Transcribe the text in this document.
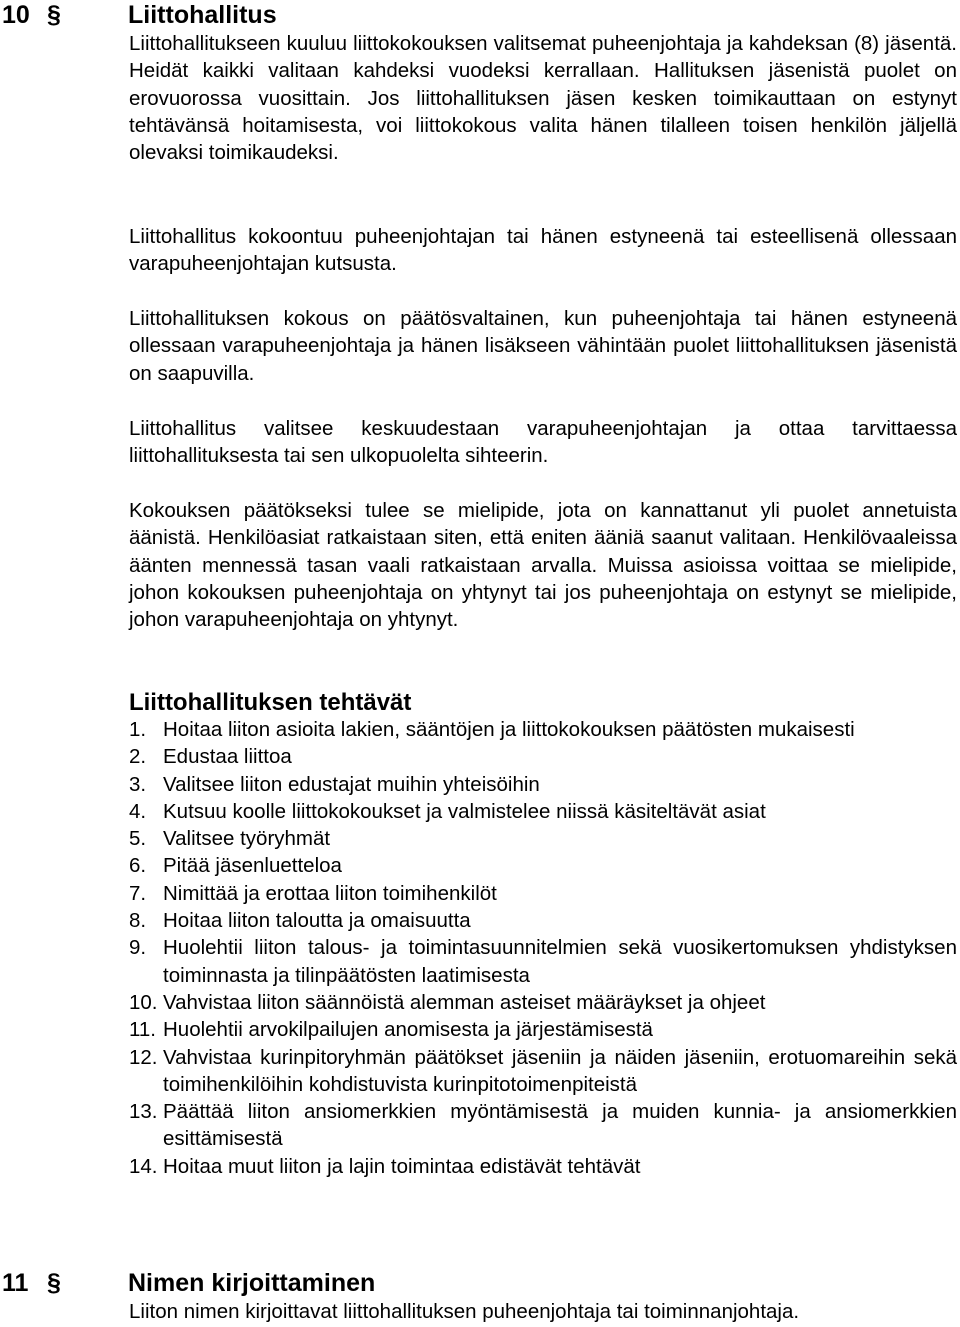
10 §	Liittohallitus

Liittohallitukseen kuuluu liittokokouksen valitsemat puheenjohtaja ja kahdeksan (8) jäsentä. Heidät kaikki valitaan kahdeksi vuodeksi kerrallaan. Hallituksen jäsenistä puolet on erovuorossa vuosittain. Jos liittohallituksen jäsen kesken toimikauttaan on estynyt tehtävänsä hoitamisesta, voi liittokokous valita hänen tilalleen toisen henkilön jäljellä olevaksi toimikaudeksi.

Liittohallitus kokoontuu puheenjohtajan tai hänen estyneenä tai esteellisenä ollessaan varapuheenjohtajan kutsusta.

Liittohallituksen kokous on päätösvaltainen, kun puheenjohtaja tai hänen estyneenä ollessaan varapuheenjohtaja ja hänen lisäkseen vähintään puolet liittohallituksen jäsenistä on saapuvilla.

Liittohallitus valitsee keskuudestaan varapuheenjohtajan ja ottaa tarvittaessa liittohallituksesta tai sen ulkopuolelta sihteerin.

Kokouksen päätökseksi tulee se mielipide, jota on kannattanut yli puolet annetuista äänistä. Henkilöasiat ratkaistaan siten, että eniten ääniä saanut valitaan. Henkilövaaleissa äänten mennessä tasan vaali ratkaistaan arvalla. Muissa asioissa voittaa se mielipide, johon kokouksen puheenjohtaja on yhtynyt tai jos puheenjohtaja on estynyt se mielipide, johon varapuheenjohtaja on yhtynyt.

Liittohallituksen tehtävät
1. Hoitaa liiton asioita lakien, sääntöjen ja liittokokouksen päätösten mukaisesti
2. Edustaa liittoa
3. Valitsee liiton edustajat muihin yhteisöihin
4. Kutsuu koolle liittokokoukset ja valmistelee niissä käsiteltävät asiat
5. Valitsee työryhmät
6. Pitää jäsenluetteloa
7. Nimittää ja erottaa liiton toimihenkilöt
8. Hoitaa liiton taloutta ja omaisuutta
9. Huolehtii liiton talous- ja toimintasuunnitelmien sekä vuosikertomuksen yhdistyksen toiminnasta ja tilinpäätösten laatimisesta
10. Vahvistaa liiton säännöistä alemman asteiset määräykset ja ohjeet
11. Huolehtii arvokilpailujen anomisesta ja järjestämisestä
12. Vahvistaa kurinpitoryhmän päätökset jäseniin ja näiden jäseniin, erotuomareihin sekä toimihenkilöihin kohdistuvista kurinpitotoimenpiteistä
13. Päättää liiton ansiomerkkien myöntämisestä ja muiden kunnia- ja ansiomerkkien esittämisestä
14. Hoitaa muut liiton ja lajin toimintaa edistävät tehtävät
11 §	Nimen kirjoittaminen

Liiton nimen kirjoittavat liittohallituksen puheenjohtaja tai toiminnanjohtaja.
